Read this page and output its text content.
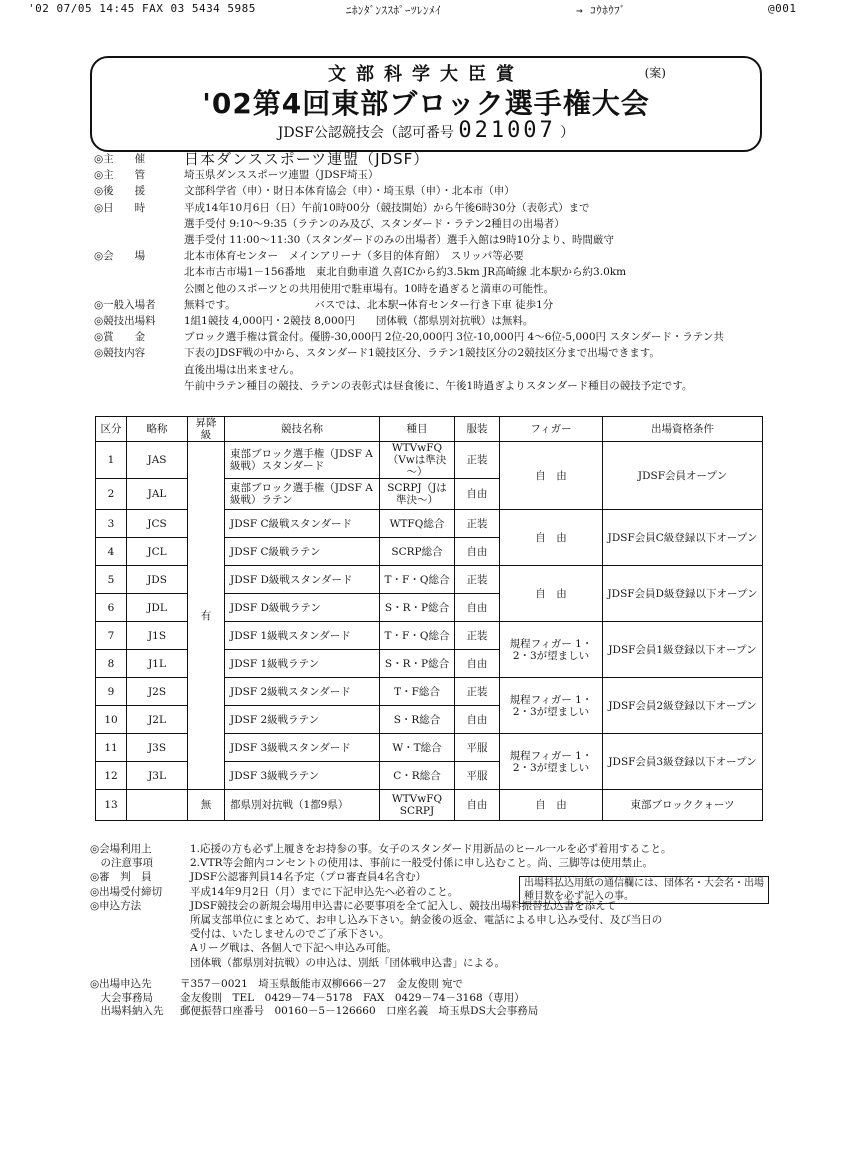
'02 07/05 14:45 FAX 03 5434 5985	ﾆﾎﾝﾀﾞﾝｽｽﾎﾟｰﾂﾚﾝﾒｲ	→ ｺｳﾎｳﾌﾞ	@001
文部科学大臣賞	(案)
'02第4回東部ブロック選手権大会
JDSF公認競技会（認可番号 021007 ）
◎主　　催	日本ダンススポーツ連盟（JDSF）
◎主　　管	埼玉県ダンススポーツ連盟（JDSF埼玉）
◎後　　援	文部科学省（申）・財日本体育協会（申）・埼玉県（申）・北本市（申）
◎日　　時	平成14年10月6日（日）午前10時00分（競技開始）から午後6時30分（表彰式）まで
選手受付 9:10～9:35（ラテンのみ及び、スタンダード・ラテン2種目の出場者）
選手受付 11:00～11:30（スタンダードのみの出場者）選手入館は9時10分より、時間厳守
◎会　　場	北本市体育センター　メインアリーナ（多目的体育館）　スリッパ等必要
北本市古市場1－156番地　東北自動車道 久喜ICから約3.5km JR高崎線 北本駅から約3.0km
公園と他のスポーツとの共用使用で駐車場有。10時を過ぎると満車の可能性。
◎一般入場者	無料です。　　　　　　　　バスでは、北本駅→体育センター行き下車 徒歩1分
◎競技出場料	1組1競技 4,000円・2競技 8,000円　　団体戦（都県別対抗戦）は無料。
◎賞　　金	ブロック選手権は賞金付。優勝-30,000円 2位-20,000円 3位-10,000円 4～6位-5,000円 スタンダード・ラテン共
◎競技内容	下表のJDSF戦の中から、スタンダード1競技区分、ラテン1競技区分の2競技区分まで出場できます。
直後出場は出来ません。
午前中ラテン種目の競技、ラテンの表彰式は昼食後に、午後1時過ぎよりスタンダード種目の競技予定です。
区分	略称	昇降級	競技名称	種目	服装	フィガー	出場資格条件
1	JAS	有	東部ブロック選手権（JDSF A級戦）スタンダード	WTVwFQ（Vwは準決～）	正装	自　由	JDSF会員オープン
2	JAL		東部ブロック選手権（JDSF A級戦）ラテン	SCRPJ（Jは準決～）	自由		
3	JCS		JDSF C級戦スタンダード	WTFQ総合	正装	自　由	JDSF会員C級登録以下オープン
4	JCL		JDSF C級戦ラテン	SCRP総合	自由		
5	JDS		JDSF D級戦スタンダード	T・F・Q総合	正装	自　由	JDSF会員D級登録以下オープン
6	JDL		JDSF D級戦ラテン	S・R・P総合	自由		
7	J1S		JDSF 1級戦スタンダード	T・F・Q総合	正装	規程フィガー 1・2・3が望ましい	JDSF会員1級登録以下オープン
8	J1L		JDSF 1級戦ラテン	S・R・P総合	自由		
9	J2S		JDSF 2級戦スタンダード	T・F総合	正装	規程フィガー 1・2・3が望ましい	JDSF会員2級登録以下オープン
10	J2L		JDSF 2級戦ラテン	S・R総合	自由		
11	J3S		JDSF 3級戦スタンダード	W・T総合	平服	規程フィガー 1・2・3が望ましい	JDSF会員3級登録以下オープン
12	J3L		JDSF 3級戦ラテン	C・R総合	平服		
13		無	都県別対抗戦（1都9県）	WTVwFQ SCRPJ	自由	自　由	東部ブロッククォーツ
◎会場利用上	1.応援の方も必ず上履きをお持参の事。女子のスタンダード用新品のヒール一ルを必ず着用すること。
　の注意事項	2.VTR等会館内コンセントの使用は、事前に一般受付係に申し込むこと。尚、三脚等は使用禁止。
◎審　判　員	JDSF公認審判員14名予定（プロ審査員4名含む）
◎出場受付締切	平成14年9月2日（月）までに下記申込先へ必着のこと。
◎申込方法	JDSF競技会の新規会場用申込書に必要事項を全て記入し、競技出場料振替払込書を添えて
所属支部単位にまとめて、お申し込み下さい。納金後の返金、電話による申し込み受付、及び当日の
受付は、いたしませんのでご了承下さい。
Aリーグ戦は、各個人で下記へ申込み可能。
団体戦（都県別対抗戦）の申込は、別紙「団体戦申込書」による。
出場料払込用紙の通信欄には、団体名・大会名・出場種目数を必ず記入の事。
◎出場申込先	〒357－0021　埼玉県飯能市双柳666－27　金友俊則 宛で
　大会事務局	金友俊則　TEL　0429－74－5178　FAX　0429－74－3168（専用）
　出場料納入先	郵便振替口座番号　00160－5－126660　口座名義　埼玉県DS大会事務局
